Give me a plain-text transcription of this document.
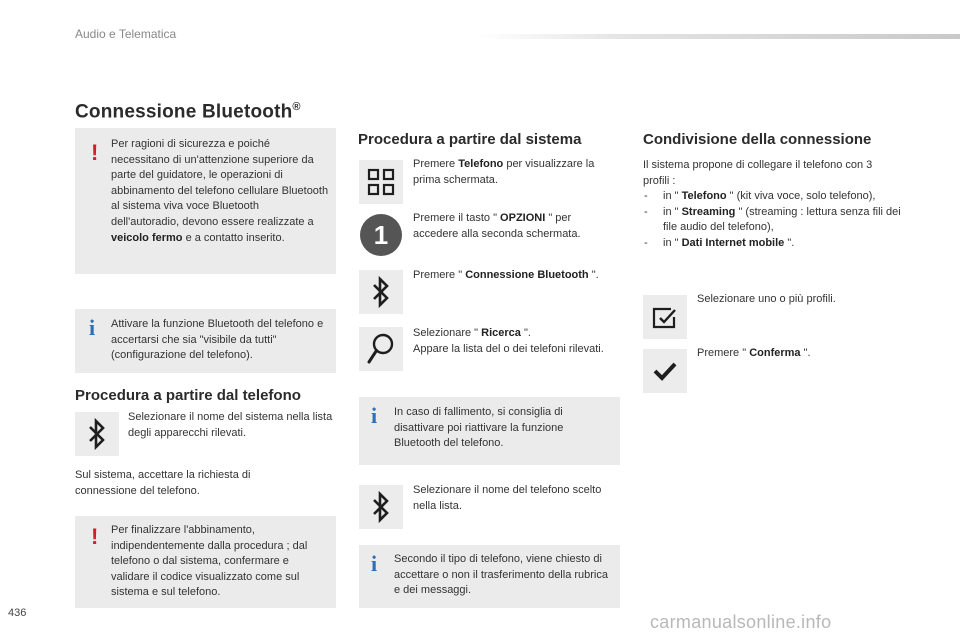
Audio e Telematica
Connessione Bluetooth®
! Per ragioni di sicurezza e poiché necessitano di un'attenzione superiore da parte del guidatore, le operazioni di abbinamento del telefono cellulare Bluetooth al sistema viva voce Bluetooth dell'autoradio, devono essere realizzate a veicolo fermo e a contatto inserito.
i Attivare la funzione Bluetooth del telefono e accertarsi che sia "visibile da tutti" (configurazione del telefono).
Procedura a partire dal telefono
Selezionare il nome del sistema nella lista degli apparecchi rilevati.
Sul sistema, accettare la richiesta di connessione del telefono.
! Per finalizzare l'abbinamento, indipendentemente dalla procedura ; dal telefono o dal sistema, confermare e validare il codice visualizzato come sul sistema e sul telefono.
Procedura a partire dal sistema
Premere Telefono per visualizzare la prima schermata.
1
Premere il tasto " OPZIONI " per accedere alla seconda schermata.
Premere " Connessione Bluetooth ".
Selezionare " Ricerca ".
Appare la lista del o dei telefoni rilevati.
i In caso di fallimento, si consiglia di disattivare poi riattivare la funzione Bluetooth del telefono.
Selezionare il nome del telefono scelto nella lista.
i Secondo il tipo di telefono, viene chiesto di accettare o non il trasferimento della rubrica e dei messaggi.
Condivisione della connessione
Il sistema propone di collegare il telefono con 3 profili :
- in " Telefono " (kit viva voce, solo telefono),
- in " Streaming " (streaming : lettura senza fili dei file audio del telefono),
- in " Dati Internet mobile ".
Selezionare uno o più profili.
Premere " Conferma ".
436	carmanualsonline.info
